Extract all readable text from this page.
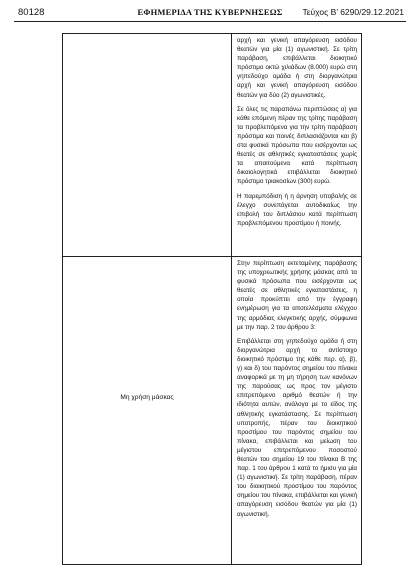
80128	ΕΦΗΜΕΡΙΔΑ ΤΗΣ ΚΥΒΕΡΝΗΣΕΩΣ	Τεύχος Β’ 6290/29.12.2021

αρχή και γενική απαγόρευση εισόδου θεατών για μία (1) αγωνιστική. Σε τρίτη παράβαση, επιβάλλεται διοικητικό πρόστιμο οκτώ χιλιάδων (8.000) ευρώ στη γηπεδούχο ομάδα ή στη διοργανώτρια αρχή και γενική απαγόρευση εισόδου θεατών για δύο (2) αγωνιστικές.

Σε όλες τις παραπάνω περιπτώσεις α) για κάθε επόμενη πέραν της τρίτης παράβαση τα προβλεπόμενα για την τρίτη παράβαση πρόστιμα και ποινές διπλασιάζονται και β) στα φυσικά πρόσωπα που εισέρχονται ως θεατές σε αθλητικές εγκαταστάσεις χωρίς τα απαιτούμενα κατά περίπτωση δικαιολογητικά επιβάλλεται διοικητικό πρόστιμο τριακοσίων (300) ευρώ.

Η παρεμπόδιση ή η άρνηση υποβολής σε έλεγχο συνεπάγεται αυτοδικαίως την επιβολή του διπλάσιου κατά περίπτωση προβλεπόμενου προστίμου ή ποινής.

Μη χρήση μάσκας

Στην περίπτωση εκτεταμένης παράβασης της υποχρεωτικής χρήσης μάσκας από τα φυσικά πρόσωπα που εισέρχονται ως θεατές σε αθλητικές εγκαταστάσεις, η οποία προκύπτει από την έγγραφη ενημέρωση για τα αποτελέσματα ελέγχου της αρμόδιας ελεγκτικής αρχής, σύμφωνα με την παρ. 2 του άρθρου 3:

Επιβάλλεται στη γηπεδούχο ομάδα ή στη διοργανώτρια αρχή το αντίστοιχο διοικητικό πρόστιμο της κάθε περ. α), β), γ) και δ) του παρόντος σημείου του πίνακα αναφορικά με τη μη τήρηση των κανόνων της παρούσας ως προς τον μέγιστο επιτρεπόμενο αριθμό θεατών ή την ιδιότητα αυτών, ανάλογα με το είδος της αθλητικής εγκατάστασης. Σε περίπτωση υποτροπής, πέραν του διοικητικού προστίμου του παρόντος σημείου του πίνακα, επιβάλλεται και μείωση του μέγιστου επιτρεπόμενου ποσοστού θεατών του σημείου 19 του πίνακα Β της παρ. 1 του άρθρου 1 κατά το ήμισυ για μία (1) αγωνιστική. Σε τρίτη παράβαση, πέραν του διοικητικού προστίμου του παρόντος σημείου του πίνακα, επιβάλλεται και γενική απαγόρευση εισόδου θεατών για μία (1) αγωνιστική.
